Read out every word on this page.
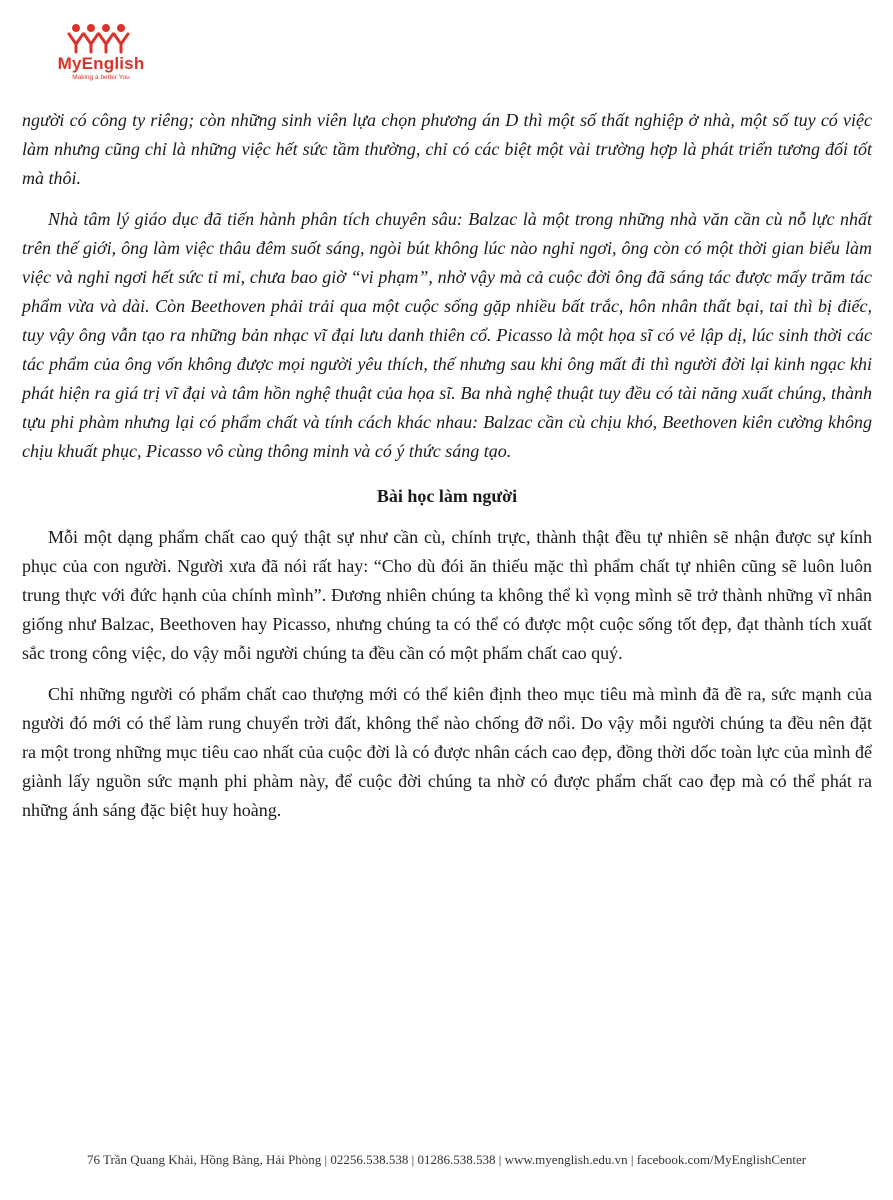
MyEnglish
Making a better You

người có công ty riêng; còn những sinh viên lựa chọn phương án D thì một số thất nghiệp ở nhà, một số tuy có việc làm nhưng cũng chỉ là những việc hết sức tầm thường, chỉ có các biệt một vài trường hợp là phát triển tương đối tốt mà thôi.

Nhà tâm lý giáo dục đã tiến hành phân tích chuyên sâu: Balzac là một trong những nhà văn cần cù nỗ lực nhất trên thế giới, ông làm việc thâu đêm suốt sáng, ngòi bút không lúc nào nghỉ ngơi, ông còn có một thời gian biểu làm việc và nghỉ ngơi hết sức tỉ mỉ, chưa bao giờ “vi phạm”, nhờ vậy mà cả cuộc đời ông đã sáng tác được mấy trăm tác phẩm vừa và dài. Còn Beethoven phải trải qua một cuộc sống gặp nhiều bất trắc, hôn nhân thất bại, tai thì bị điếc, tuy vậy ông vẫn tạo ra những bản nhạc vĩ đại lưu danh thiên cổ. Picasso là một họa sĩ có vẻ lập dị, lúc sinh thời các tác phẩm của ông vốn không được mọi người yêu thích, thế nhưng sau khi ông mất đi thì người đời lại kinh ngạc khi phát hiện ra giá trị vĩ đại và tâm hồn nghệ thuật của họa sĩ. Ba nhà nghệ thuật tuy đều có tài năng xuất chúng, thành tựu phi phàm nhưng lại có phẩm chất và tính cách khác nhau: Balzac cần cù chịu khó, Beethoven kiên cường không chịu khuất phục, Picasso vô cùng thông minh và có ý thức sáng tạo.

Bài học làm người

Mỗi một dạng phẩm chất cao quý thật sự như cần cù, chính trực, thành thật đều tự nhiên sẽ nhận được sự kính phục của con người. Người xưa đã nói rất hay: “Cho dù đói ăn thiếu mặc thì phẩm chất tự nhiên cũng sẽ luôn luôn trung thực với đức hạnh của chính mình”. Đương nhiên chúng ta không thể kì vọng mình sẽ trở thành những vĩ nhân giống như Balzac, Beethoven hay Picasso, nhưng chúng ta có thể có được một cuộc sống tốt đẹp, đạt thành tích xuất sắc trong công việc, do vậy mỗi người chúng ta đều cần có một phẩm chất cao quý.

Chỉ những người có phẩm chất cao thượng mới có thể kiên định theo mục tiêu mà mình đã đề ra, sức mạnh của người đó mới có thể làm rung chuyển trời đất, không thể nào chống đỡ nổi. Do vậy mỗi người chúng ta đều nên đặt ra một trong những mục tiêu cao nhất của cuộc đời là có được nhân cách cao đẹp, đồng thời dốc toàn lực của mình để giành lấy nguồn sức mạnh phi phàm này, để cuộc đời chúng ta nhờ có được phẩm chất cao đẹp mà có thể phát ra những ánh sáng đặc biệt huy hoàng.

76 Trần Quang Khải, Hồng Bàng, Hải Phòng | 02256.538.538 | 01286.538.538 | www.myenglish.edu.vn | facebook.com/MyEnglishCenter
